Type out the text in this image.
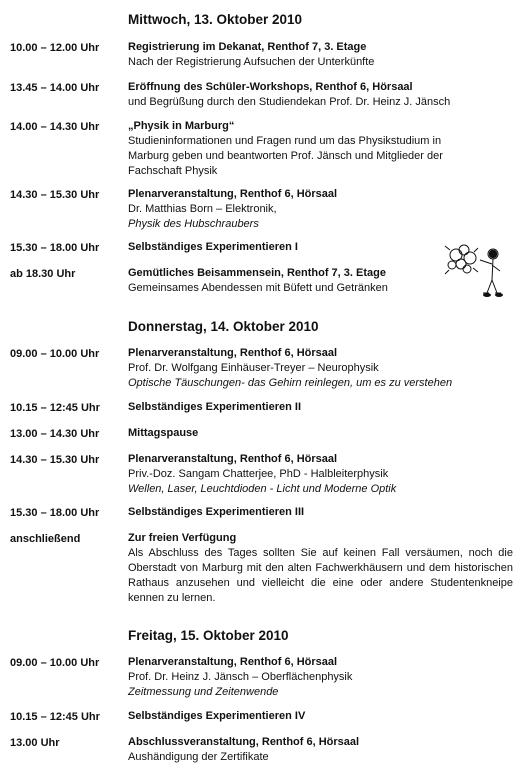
Mittwoch, 13. Oktober 2010
10.00 – 12.00 Uhr	Registrierung im Dekanat, Renthof 7, 3. Etage
Nach der Registrierung Aufsuchen der Unterkünfte
13.45 – 14.00 Uhr	Eröffnung des Schüler-Workshops, Renthof 6, Hörsaal
und Begrüßung durch den Studiendekan Prof. Dr. Heinz J. Jänsch
14.00 – 14.30 Uhr	„Physik in Marburg“
Studieninformationen und Fragen rund um das Physikstudium in
Marburg geben und beantworten Prof. Jänsch und Mitglieder der
Fachschaft Physik
14.30 – 15.30 Uhr	Plenarveranstaltung, Renthof 6, Hörsaal
Dr. Matthias Born – Elektronik,
Physik des Hubschraubers
15.30 – 18.00 Uhr	Selbständiges Experimentieren I
ab 18.30 Uhr	Gemütliches Beisammensein, Renthof 7, 3. Etage
Gemeinsames Abendessen mit Büfett und Getränken
Donnerstag, 14. Oktober 2010
09.00 – 10.00 Uhr	Plenarveranstaltung, Renthof 6, Hörsaal
Prof. Dr. Wolfgang Einhäuser-Treyer – Neurophysik
Optische Täuschungen- das Gehirn reinlegen, um es zu verstehen
10.15 – 12:45 Uhr	Selbständiges Experimentieren II
13.00 – 14.30 Uhr	Mittagspause
14.30 – 15.30 Uhr	Plenarveranstaltung, Renthof 6, Hörsaal
Priv.-Doz. Sangam Chatterjee, PhD - Halbleiterphysik
Wellen, Laser, Leuchtdioden - Licht und Moderne Optik
15.30 – 18.00 Uhr	Selbständiges Experimentieren III
anschließend	Zur freien Verfügung
Als Abschluss des Tages sollten Sie auf keinen Fall versäumen, noch die Oberstadt von Marburg mit den alten Fachwerkhäusern und dem historischen Rathaus anzusehen und vielleicht die eine oder andere Studentenkneipe kennen zu lernen.
Freitag, 15. Oktober 2010
09.00 – 10.00 Uhr	Plenarveranstaltung, Renthof 6, Hörsaal
Prof. Dr. Heinz J. Jänsch – Oberflächenphysik
Zeitmessung und Zeitenwende
10.15 – 12:45 Uhr	Selbständiges Experimentieren IV
13.00 Uhr	Abschlussveranstaltung, Renthof 6, Hörsaal
Aushändigung der Zertifikate
